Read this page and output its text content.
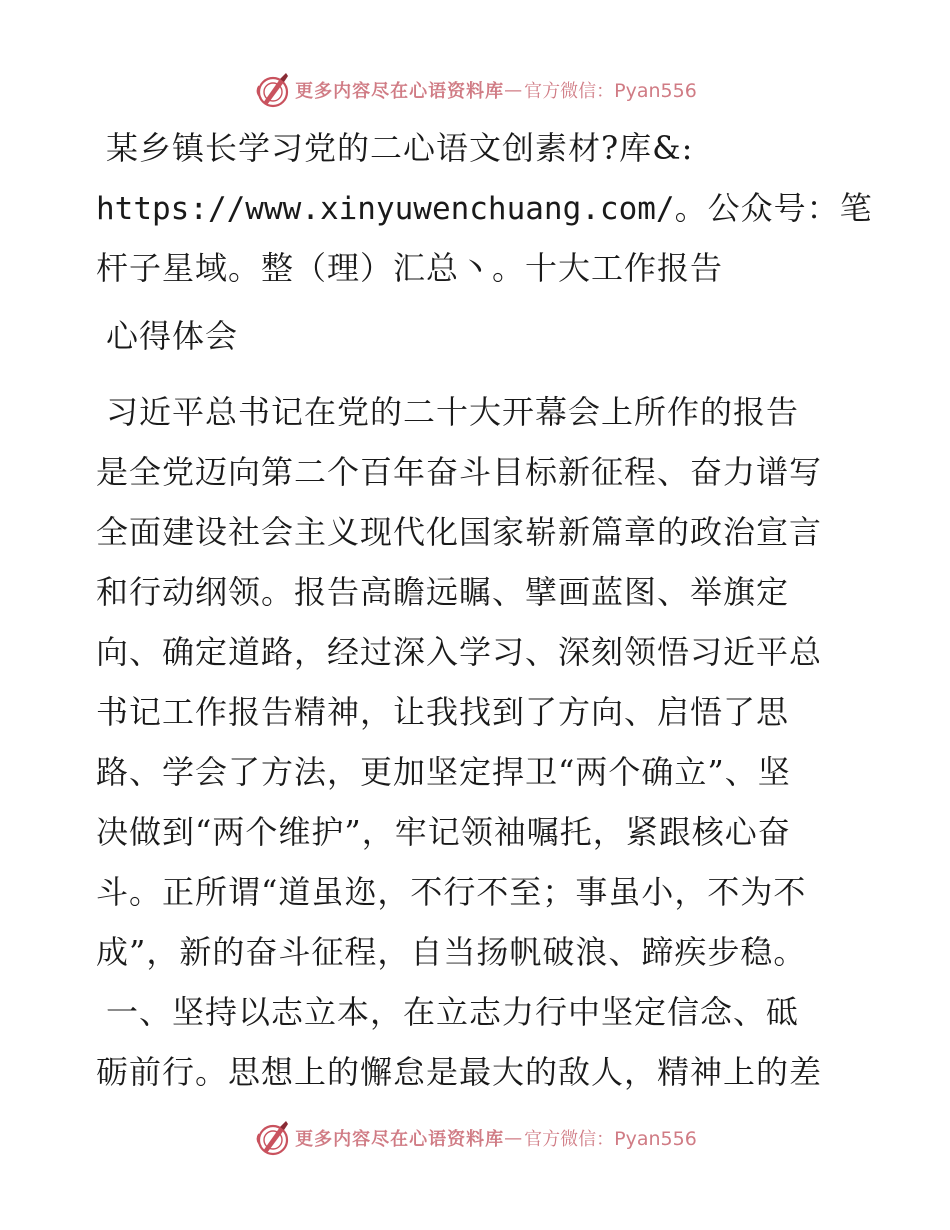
更多内容尽在心语资料库 — 官方微信：Pyan556
某乡镇长学习党的二心语文创素材?库&:
https://www.xinyuwenchuang.com/。公众号：笔
杆子星域。整（理）汇总丶。十大工作报告
心得体会
习近平总书记在党的二十大开幕会上所作的报告
是全党迈向第二个百年奋斗目标新征程、奋力谱写
全面建设社会主义现代化国家崭新篇章的政治宣言
和行动纲领。报告高瞻远瞩、擘画蓝图、举旗定
向、确定道路，经过深入学习、深刻领悟习近平总
书记工作报告精神，让我找到了方向、启悟了思
路、学会了方法，更加坚定捍卫“两个确立”、坚
决做到“两个维护”，牢记领袖嘱托，紧跟核心奋
斗。正所谓“道虽迩，不行不至；事虽小，不为不
成”，新的奋斗征程，自当扬帆破浪、蹄疾步稳。
一、坚持以志立本，在立志力行中坚定信念、砥
砺前行。思想上的懈怠是最大的敌人，精神上的差
更多内容尽在心语资料库 — 官方微信：Pyan556
